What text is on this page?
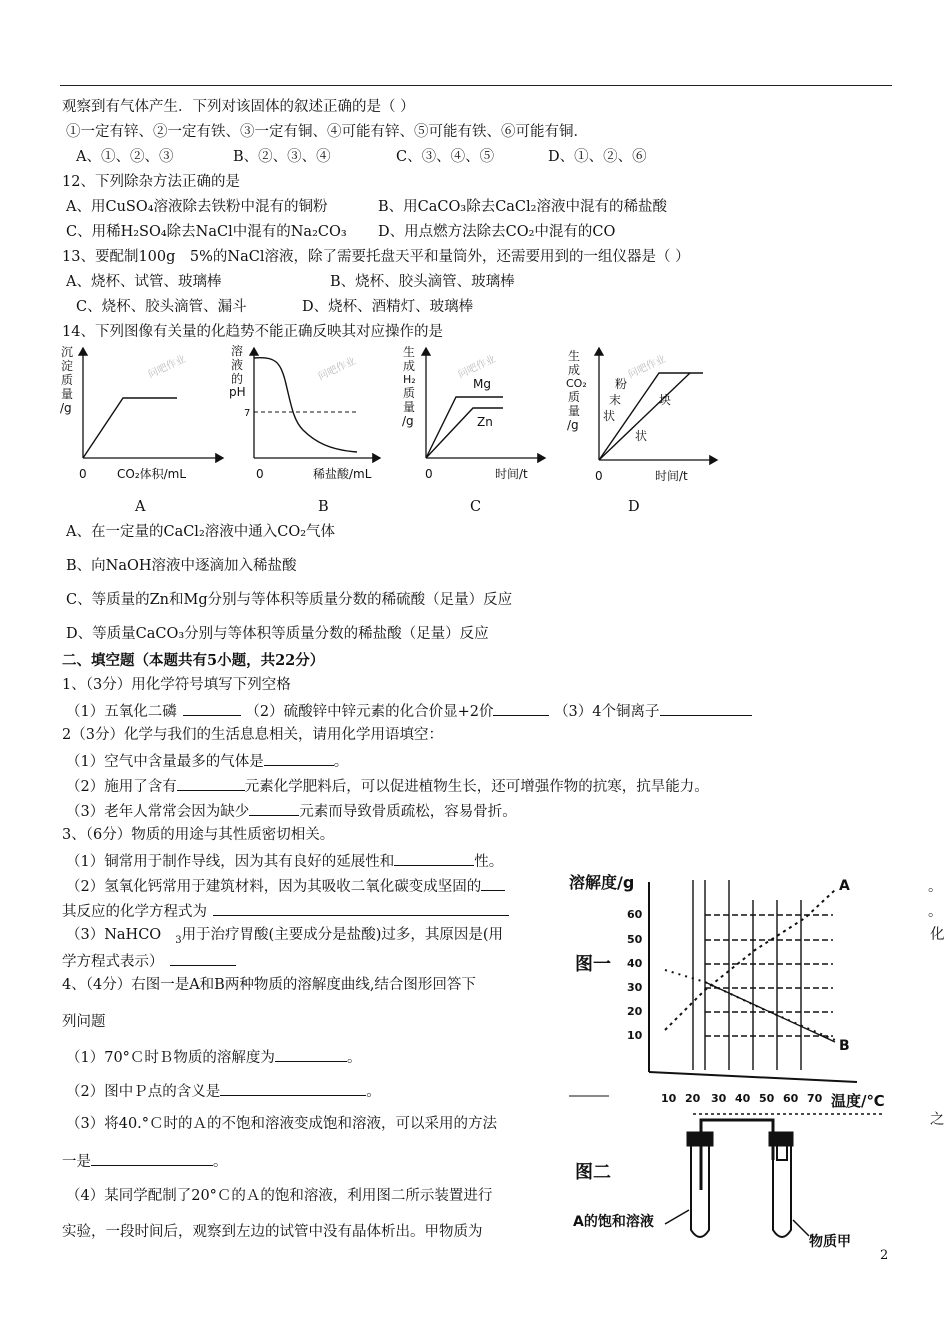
观察到有气体产生．下列对该固体的叙述正确的是（ ）
①一定有锌、②一定有铁、③一定有铜、④可能有锌、⑤可能有铁、⑥可能有铜．
A、①、②、③	B、②、③、④	C、③、④、⑤	D、①、②、⑥
12、下列除杂方法正确的是
A、用CuSO₄溶液除去铁粉中混有的铜粉	B、用CaCO₃除去CaCl₂溶液中混有的稀盐酸
C、用稀H₂SO₄除去NaCl中混有的Na₂CO₃ D、用点燃方法除去CO₂中混有的CO
13、要配制100g　5%的NaCl溶液，除了需要托盘天平和量筒外，还需要用到的一组仪器是（ ）
A、烧杯、试管、玻璃棒	B、烧杯、胶头滴管、玻璃棒
C、烧杯、胶头滴管、漏斗	D、烧杯、酒精灯、玻璃棒
14、下列图像有关量的化趋势不能正确反映其对应操作的是
问吧作业	问吧作业	问吧作业	问吧作业
沉
淀
质
量
/g
0	CO₂体积/mL
溶
液
的
pH
7
0	稀盐酸/mL
生
成
H₂
质
量
/g
Mg
Zn
0	时间/t
生
成
CO₂
质
量
/g
粉
末
状
块
状
0	时间/t
A	B	C	D
A、在一定量的CaCl₂溶液中通入CO₂气体
B、向NaOH溶液中逐滴加入稀盐酸
C、等质量的Zn和Mg分别与等体积等质量分数的稀硫酸（足量）反应
D、等质量CaCO₃分别与等体积等质量分数的稀盐酸（足量）反应
二、填空题（本题共有5小题，共22分）
1、（3分）用化学符号填写下列空格
（1）五氧化二磷	（2）硫酸锌中锌元素的化合价显+2价	（3）4个铜离子
2（3分）化学与我们的生活息息相关，请用化学用语填空：
（1）空气中含量最多的气体是	。
（2）施用了含有	元素化学肥料后，可以促进植物生长，还可增强作物的抗寒，抗旱能力。
（3）老年人常常会因为缺少	元素而导致骨质疏松，容易骨折。
3、（6分）物质的用途与其性质密切相关。
（1）铜常用于制作导线，因为其有良好的延展性和	性。
（2）氢氧化钙常用于建筑材料，因为其吸收二氧化碳变成坚固的
其反应的化学方程式为
（3）NaHCO $_3$用于治疗胃酸(主要成分是盐酸)过多，其原因是(用
学方程式表示）
4、（4分）右图一是A和B两种物质的溶解度曲线,结合图形回答下
列问题
（1）70°Ｃ时Ｂ物质的溶解度为	。
（2）图中Ｐ点的含义是	。
（3）将40.°Ｃ时的Ａ的不饱和溶液变成饱和溶液，可以采用的方法
一是	。
（4）某同学配制了20°Ｃ的Ａ的饱和溶液，利用图二所示装置进行
实验，一段时间后，观察到左边的试管中没有晶体析出。甲物质为
。
。
化
之
溶解度/g
60
50
40
30
20
10
10 20 30 40 50 60 70 温度/℃
A
B
图一
图二
A的饱和溶液
物质甲
2
